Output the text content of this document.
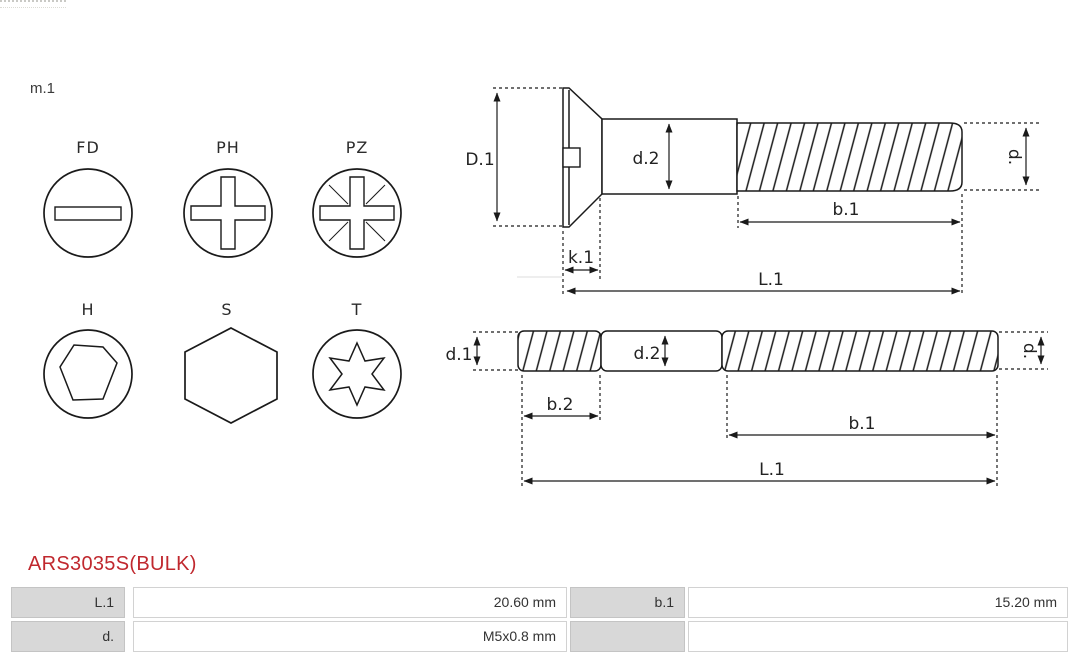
m.1
FD	PH	PZ
H	S	T
D.1	d.2	d.
k.1
b.1
L.1
d.1	d.2	d.
b.2
b.1
L.1
ARS3035S(BULK)
L.1	20.60 mm	b.1	15.20 mm
d.	M5x0.8 mm
